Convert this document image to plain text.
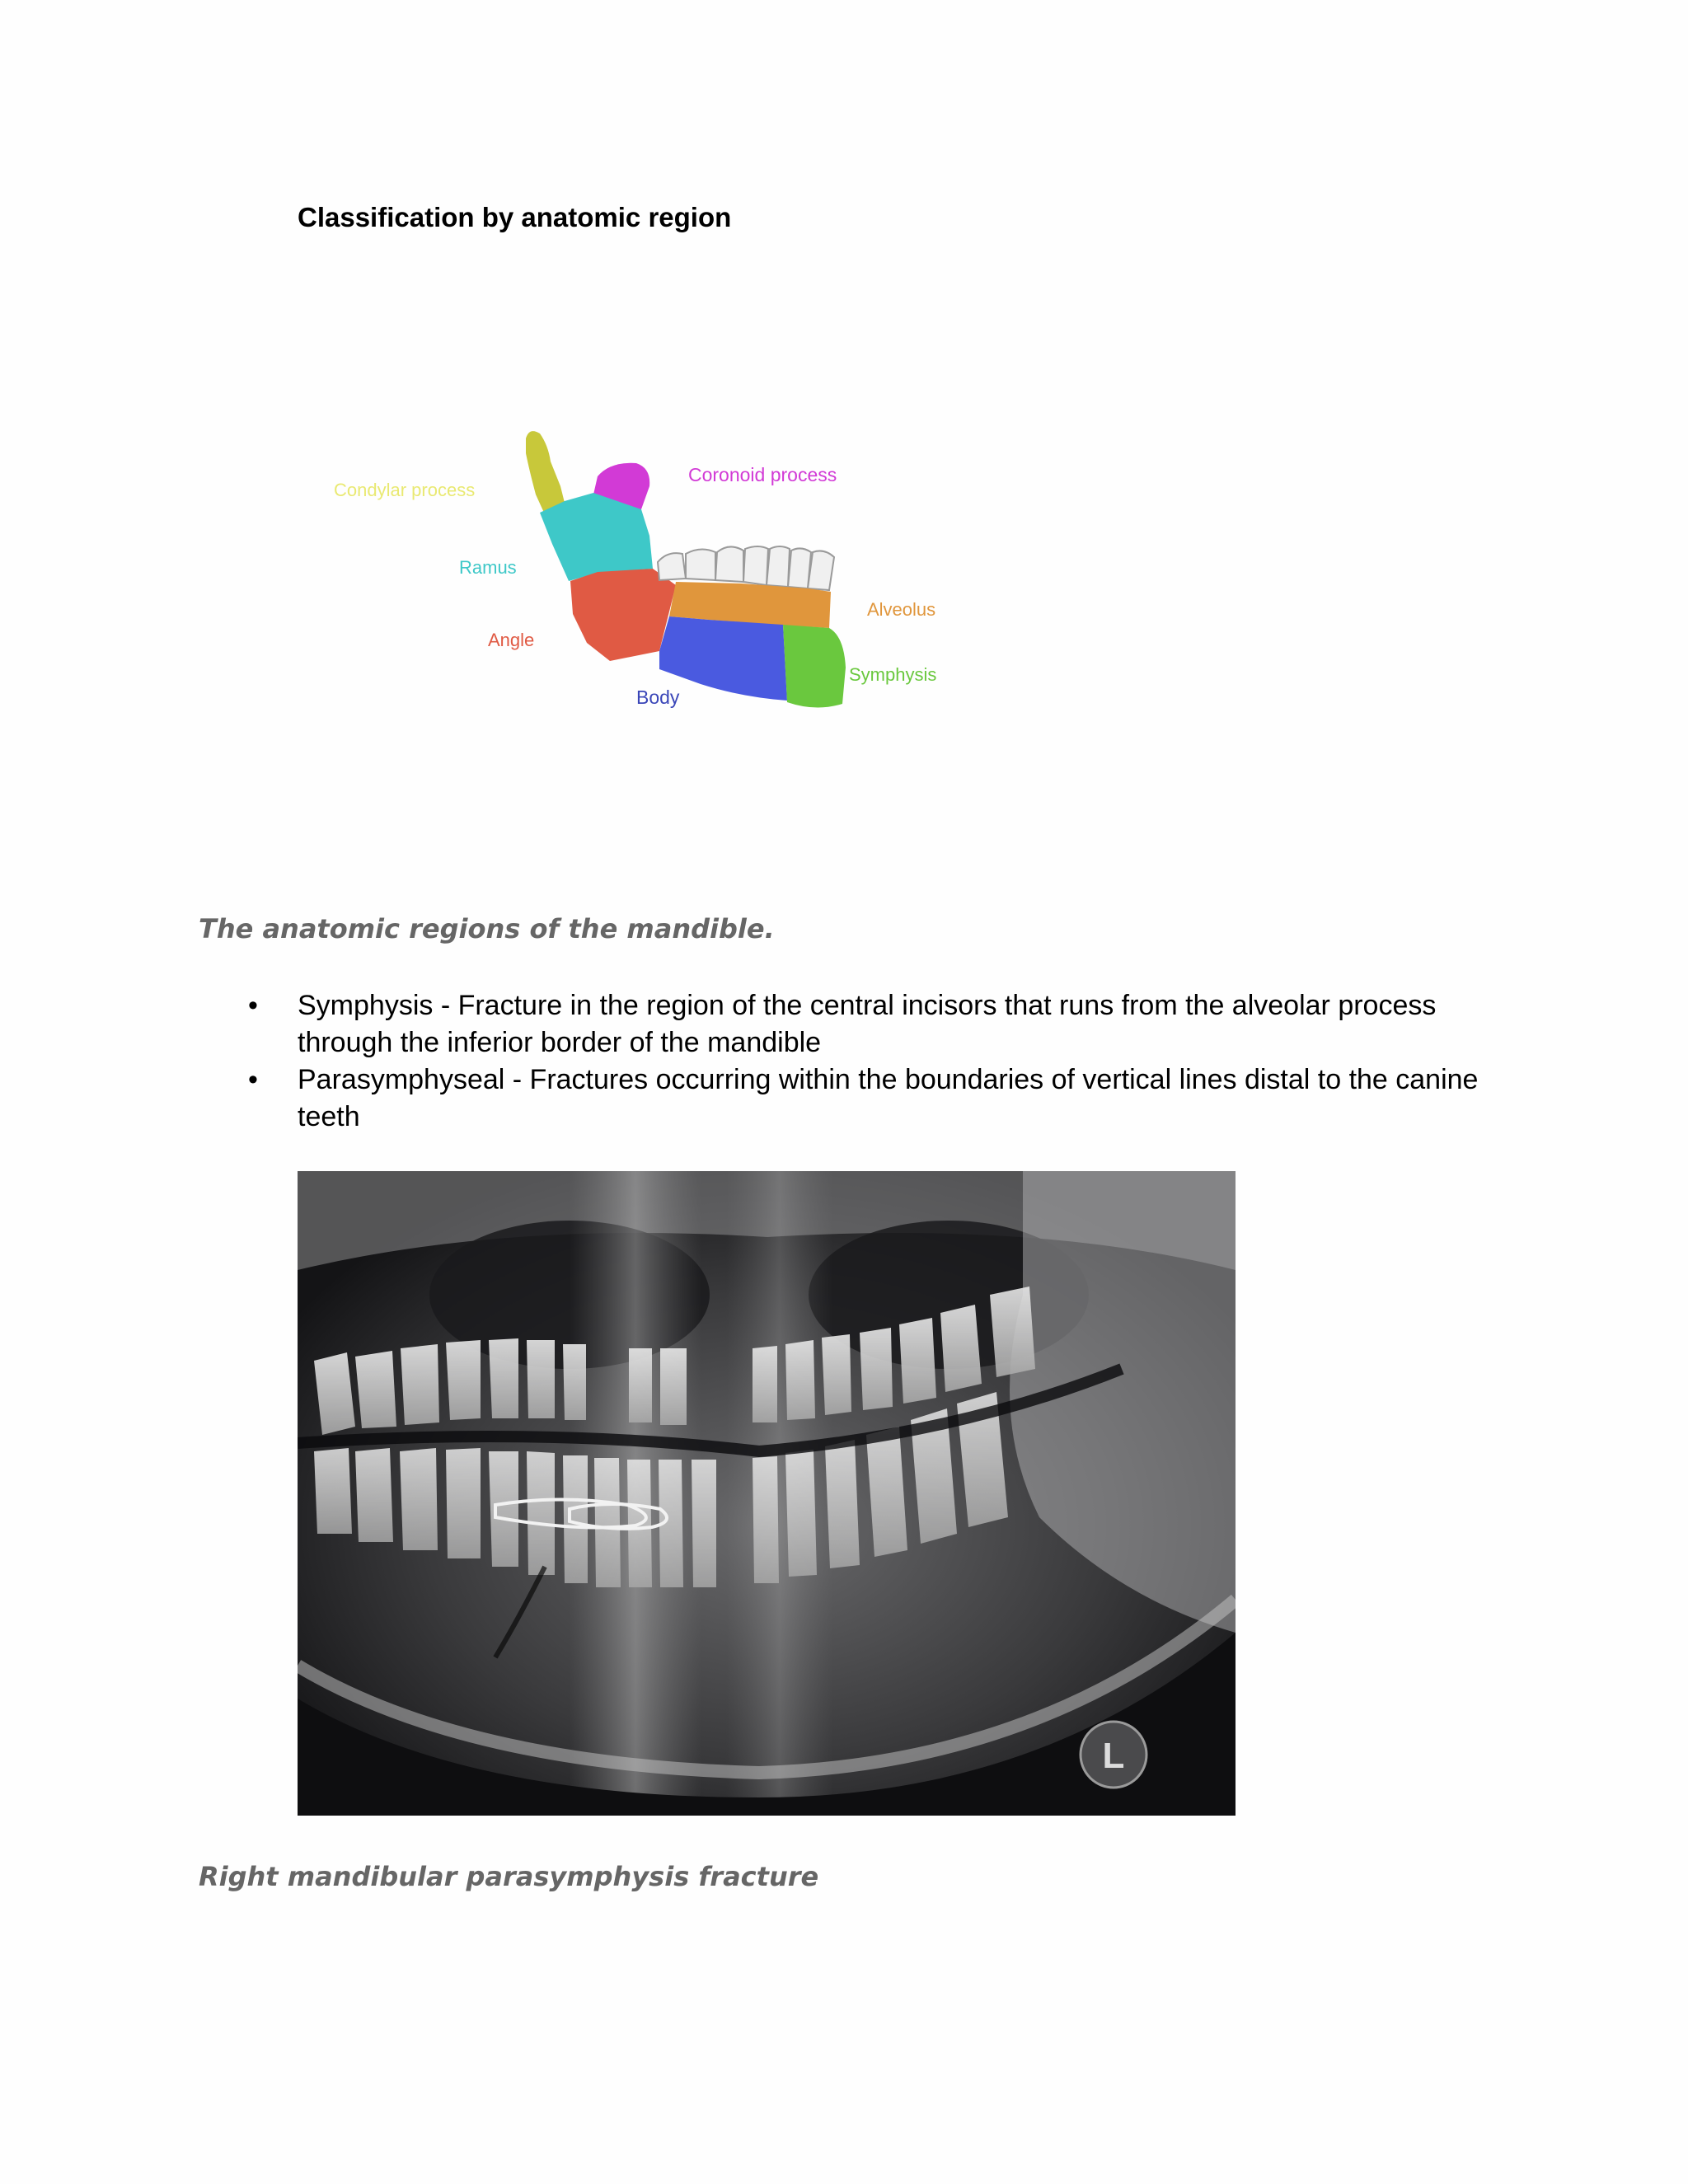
Classification by anatomic region
Condylar process
Coronoid process
Ramus
Alveolus
Angle
Symphysis
Body

The anatomic regions of the mandible.

• Symphysis - Fracture in the region of the central incisors that runs from the alveolar process through the inferior border of the mandible
• Parasymphyseal - Fractures occurring within the boundaries of vertical lines distal to the canine teeth
L

Right mandibular parasymphysis fracture
